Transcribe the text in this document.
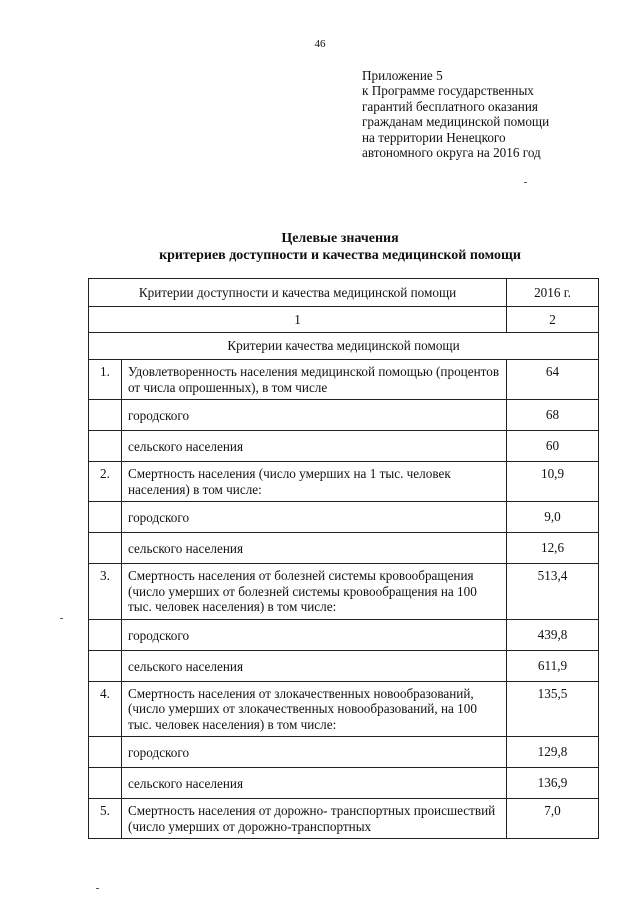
46
Приложение 5
к Программе государственных
гарантий бесплатного оказания
гражданам медицинской помощи
на территории Ненецкого
автономного округа на 2016 год
Целевые значения
критериев доступности и качества медицинской помощи
Критерии доступности и качества медицинской помощи		2016 г.
1		2
Критерии качества медицинской помощи		
1.	Удовлетворенность населения медицинской помощью (процентов от числа опрошенных), в том числе	64
	городского	68
	сельского населения	60
2.	Смертность населения (число умерших на 1 тыс. человек населения) в том числе:	10,9
	городского	9,0
	сельского населения	12,6
3.	Смертность населения от болезней системы кровообращения (число умерших от болезней системы кровообращения на 100 тыс. человек населения) в том числе:	513,4
	городского	439,8
	сельского населения	611,9
4.	Смертность населения от злокачественных новообразований, (число умерших от злокачественных новообразований, на 100 тыс. человек населения) в том числе:	135,5
	городского	129,8
	сельского населения	136,9
5.	Смертность населения от дорожно- транспортных происшествий (число умерших от дорожно-транспортных	7,0
